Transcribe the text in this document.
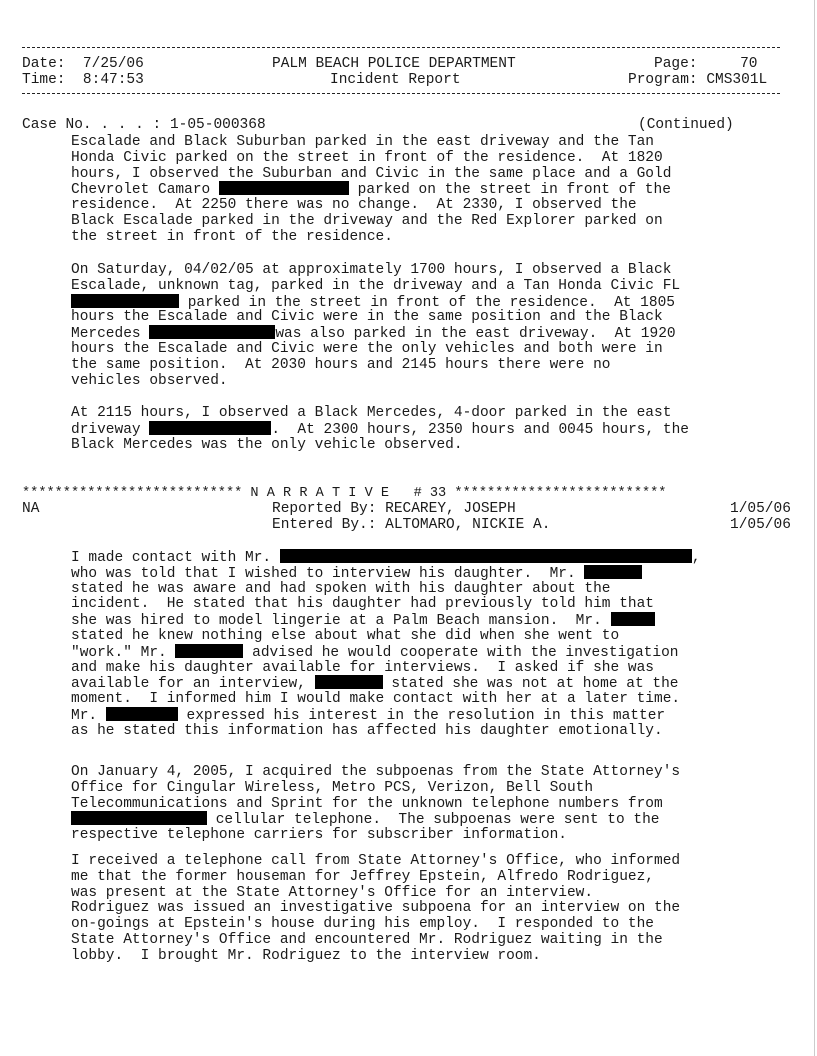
Date: 7/25/06
Time: 8:47:53
PALM BEACH POLICE DEPARTMENT
Incident Report
Page:	70
Program: CMS301L
Case No. . . . : 1-05-000368	(Continued)
Escalade and Black Suburban parked in the east driveway and the Tan
Honda Civic parked on the street in front of the residence.  At 1820
hours, I observed the Suburban and Civic in the same place and a Gold
Chevrolet Camaro	parked on the street in front of the
residence.  At 2250 there was no change.  At 2330, I observed the
Black Escalade parked in the driveway and the Red Explorer parked on
the street in front of the residence.
On Saturday, 04/02/05 at approximately 1700 hours, I observed a Black
Escalade, unknown tag, parked in the driveway and a Tan Honda Civic FL
parked in the street in front of the residence.  At 1805
hours the Escalade and Civic were in the same position and the Black
Mercedes	was also parked in the east driveway.  At 1920
hours the Escalade and Civic were the only vehicles and both were in
the same position.  At 2030 hours and 2145 hours there were no
vehicles observed.
At 2115 hours, I observed a Black Mercedes, 4-door parked in the east
driveway	.  At 2300 hours, 2350 hours and 0045 hours, the
Black Mercedes was the only vehicle observed.
*************************** N A R R A T I V E   # 33 **************************
NA	Reported By: RECAREY, JOSEPH	1/05/06
Entered By.: ALTOMARO, NICKIE A.	1/05/06
I made contact with Mr.	,
who was told that I wished to interview his daughter.  Mr.
stated he was aware and had spoken with his daughter about the
incident.  He stated that his daughter had previously told him that
she was hired to model lingerie at a Palm Beach mansion.  Mr.
stated he knew nothing else about what she did when she went to
"work." Mr.	advised he would cooperate with the investigation
and make his daughter available for interviews.  I asked if she was
available for an interview,	stated she was not at home at the
moment.  I informed him I would make contact with her at a later time.
Mr.	expressed his interest in the resolution in this matter
as he stated this information has affected his daughter emotionally.
On January 4, 2005, I acquired the subpoenas from the State Attorney's
Office for Cingular Wireless, Metro PCS, Verizon, Bell South
Telecommunications and Sprint for the unknown telephone numbers from
cellular telephone.  The subpoenas were sent to the
respective telephone carriers for subscriber information.
I received a telephone call from State Attorney's Office, who informed
me that the former houseman for Jeffrey Epstein, Alfredo Rodriguez,
was present at the State Attorney's Office for an interview.
Rodriguez was issued an investigative subpoena for an interview on the
on-goings at Epstein's house during his employ.  I responded to the
State Attorney's Office and encountered Mr. Rodriguez waiting in the
lobby.  I brought Mr. Rodriguez to the interview room.
